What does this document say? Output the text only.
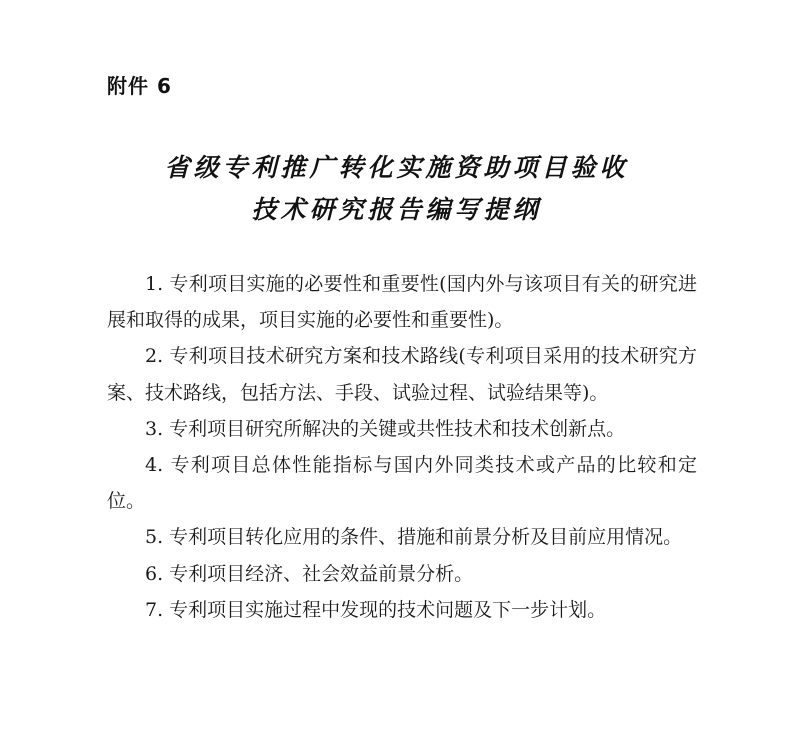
附件 6
省级专利推广转化实施资助项目验收
技术研究报告编写提纲

1. 专利项目实施的必要性和重要性(国内外与该项目有关的研究进展和取得的成果，项目实施的必要性和重要性)。

2. 专利项目技术研究方案和技术路线(专利项目采用的技术研究方案、技术路线，包括方法、手段、试验过程、试验结果等)。

3. 专利项目研究所解决的关键或共性技术和技术创新点。

4. 专利项目总体性能指标与国内外同类技术或产品的比较和定位。

5. 专利项目转化应用的条件、措施和前景分析及目前应用情况。

6. 专利项目经济、社会效益前景分析。

7. 专利项目实施过程中发现的技术问题及下一步计划。
